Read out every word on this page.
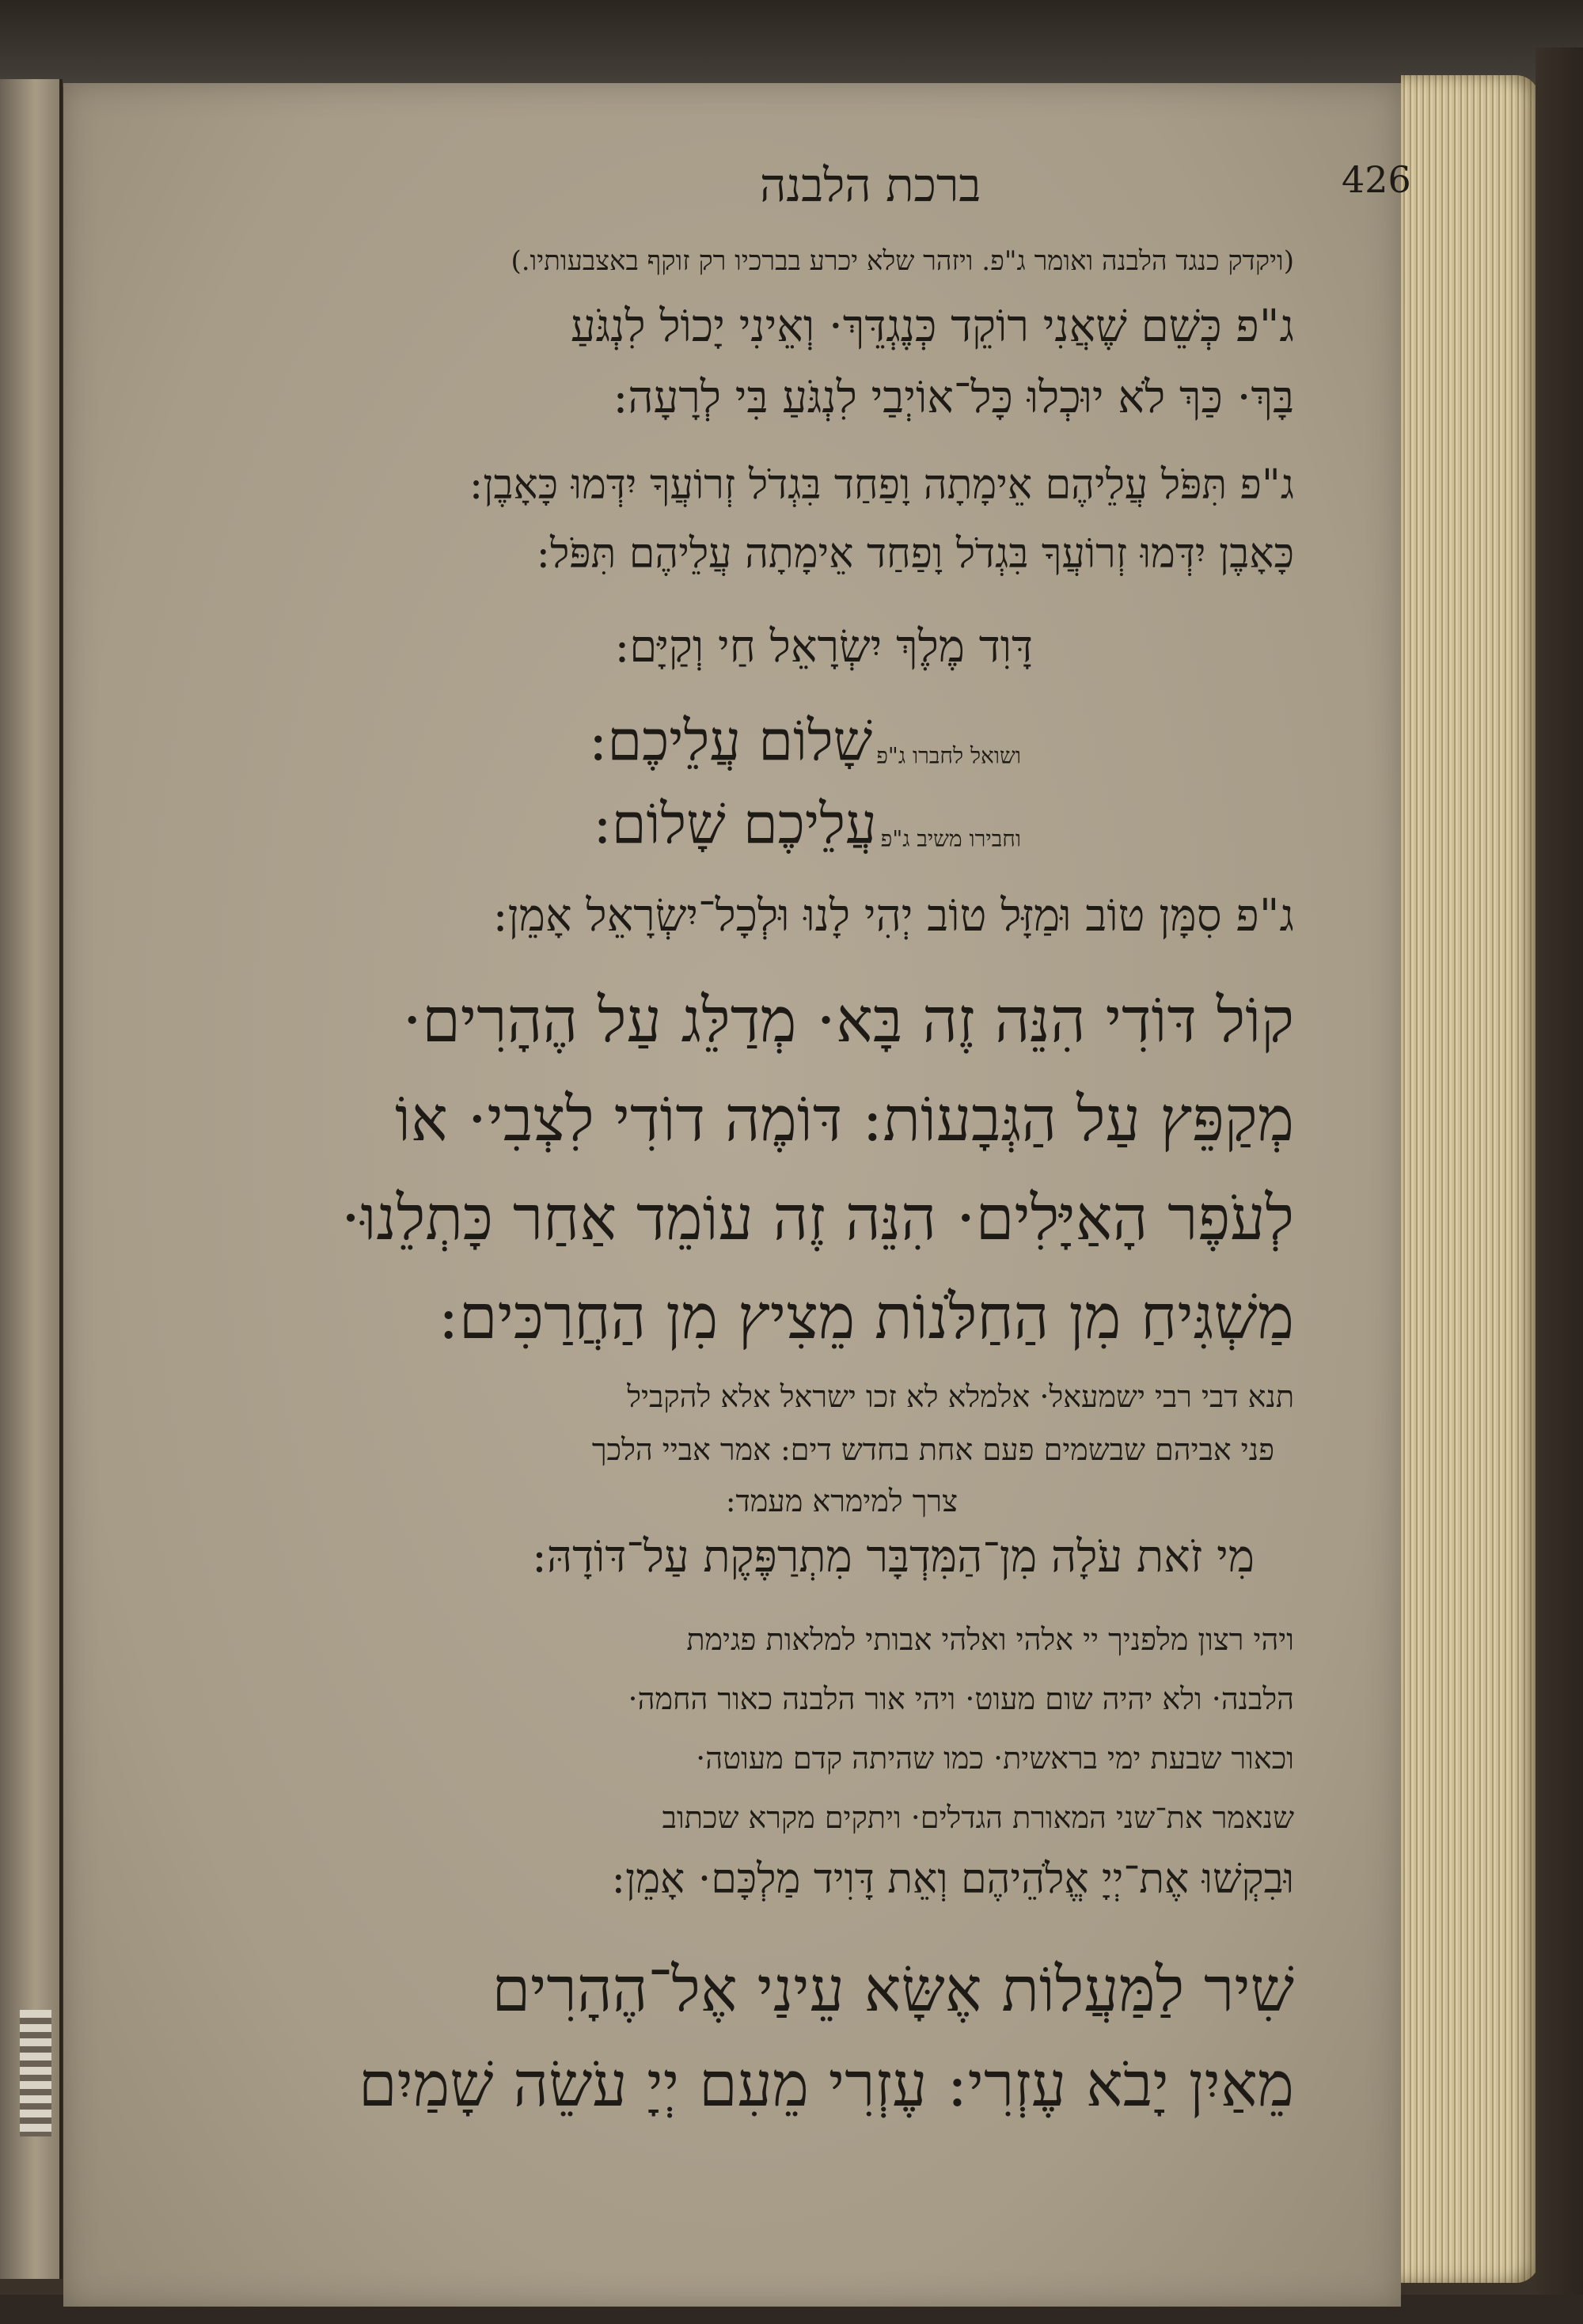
426
ברכת הלבנה
(ויקדק כנגד הלבנה ואומר ג"פ. ויזהר שלא יכרע בברכיו רק זוקף באצבעותיו.)
ג"פ כְּשֵׁם שֶׁאֲנִי רוֹקֵד כְּנֶגְדֵּךְ· וְאֵינִי יָכוֹל לִנְגֹּעַ
בָּךְ· כַּךְ לֹא יוּכְלוּ כָּל־אוֹיְבַי לִנְגֹּעַ בִּי לְרָעָה:
ג"פ תִּפֹּל עֲלֵיהֶם אֵימָתָה וָפַחַד בִּגְדֹל זְרוֹעֲךָ יִדְּמוּ כָּאָבֶן:
כָּאָבֶן יִדְּמוּ זְרוֹעֲךָ בִּגְדֹל וָפַחַד אֵימָתָה עֲלֵיהֶם תִּפֹּל:
דָּוִד מֶלֶךְ יִשְׂרָאֵל חַי וְקַיָּם:
ושואל לחברו ג"פ שָׁלוֹם עֲלֵיכֶם:
וחבירו משיב ג"פ עֲלֵיכֶם שָׁלוֹם:
ג"פ סִמָּן טוֹב וּמַזָּל טוֹב יְהִי לָנוּ וּלְכָל־יִשְׂרָאֵל אָמֵן:
קוֹל דּוֹדִי הִנֵּה זֶה בָּא· מְדַלֵּג עַל הֶהָרִים·
מְקַפֵּץ עַל הַגְּבָעוֹת: דּוֹמֶה דוֹדִי לִצְבִי· אוֹ
לְעֹפֶר הָאַיָּלִים· הִנֵּה זֶה עוֹמֵד אַחַר כָּתְלֵנוּ·
מַשְׁגִּיחַ מִן הַחַלֹּנוֹת מֵצִיץ מִן הַחֲרַכִּים:
תנא דבי רבי ישמעאל· אלמלא לא זכו ישראל אלא להקביל
פני אביהם שבשמים פעם אחת בחדש דים: אמר אביי הלכך
צרך למימרא מעמד:
מִי זֹאת עֹלָה מִן־הַמִּדְבָּר מִתְרַפֶּקֶת עַל־דּוֹדָהּ:
ויהי רצון מלפניך יי אלהי ואלהי אבותי למלאות פגימת
הלבנה· ולא יהיה שום מעוט· ויהי אור הלבנה כאור החמה·
וכאור שבעת ימי בראשית· כמו שהיתה קדם מעוטה·
שנאמר את־שני המאורת הגדלים· ויתקים מקרא שכתוב
וּבִקְשׁוּ אֶת־יְיָ אֱלֹהֵיהֶם וְאֵת דָּוִיד מַלְכָּם· אָמֵן:
שִׁיר לַמַּעֲלוֹת אֶשָּׂא עֵינַי אֶל־הֶהָרִים
מֵאַיִן יָבֹא עֶזְרִי: עֶזְרִי מֵעִם יְיָ עֹשֵׂה שָׁמַיִם
